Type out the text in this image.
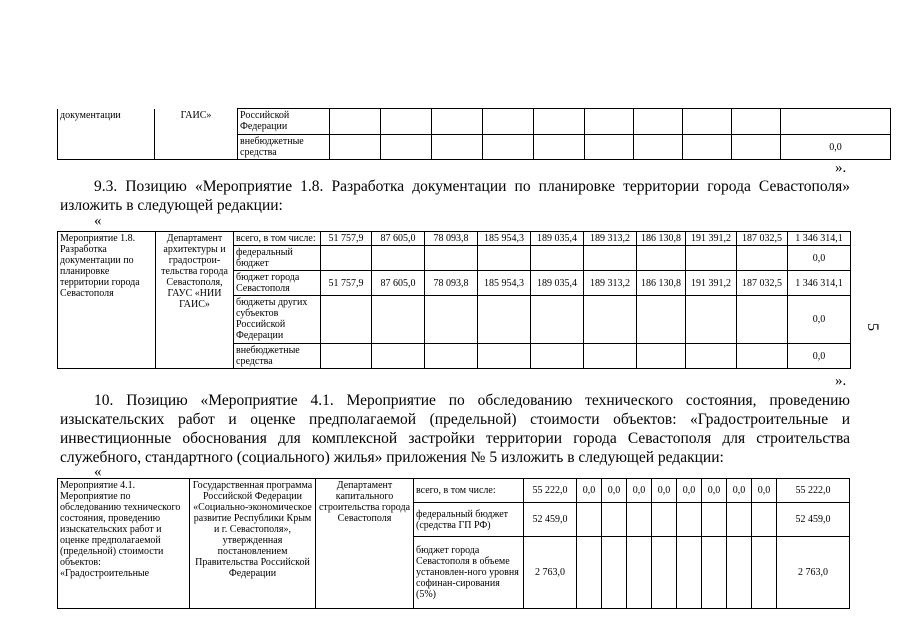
5
документации	ГАИС»	Российской Федерации										
		внебюджетные средства										0,0
».
9.3. Позицию «Мероприятие 1.8. Разработка документации по планировке территории города Севастополя» изложить в следующей редакции:
«
Мероприятие 1.8. Разработка документации по планировке территории города Севастополя	Департамент архитектуры и градострои-тельства города Севастополя, ГАУС «НИИ ГАИС»	всего, в том числе:	51 757,9	87 605,0	78 093,8	185 954,3	189 035,4	189 313,2	186 130,8	191 391,2	187 032,5	1 346 314,1
		федеральный бюджет										0,0
		бюджет города Севастополя	51 757,9	87 605,0	78 093,8	185 954,3	189 035,4	189 313,2	186 130,8	191 391,2	187 032,5	1 346 314,1
		бюджеты других субъектов Российской Федерации										0,0
		внебюджетные средства										0,0
».
10. Позицию «Мероприятие 4.1. Мероприятие по обследованию технического состояния, проведению изыскательских работ и оценке предполагаемой (предельной) стоимости объектов: «Градостроительные и инвестиционные обоснования для комплексной застройки территории города Севастополя для строительства служебного, стандартного (социального) жилья» приложения № 5 изложить в следующей редакции:
«
Мероприятие 4.1. Мероприятие по обследованию технического состояния, проведению изыскательских работ и оценке предполагаемой (предельной) стоимости объектов: «Градостроительные	Государственная программа Российской Федерации «Социально-экономическое развитие Республики Крым и г. Севастополя», утвержденная постановлением Правительства Российской Федерации	Департамент капитального строительства города Севастополя	всего, в том числе:	55 222,0	0,0	0,0	0,0	0,0	0,0	0,0	0,0	0,0	55 222,0
			федеральный бюджет (средства ГП РФ)	52 459,0									52 459,0
			бюджет города Севастополя в объеме установлен-ного уровня софинан-сирования (5%)	2 763,0									2 763,0
